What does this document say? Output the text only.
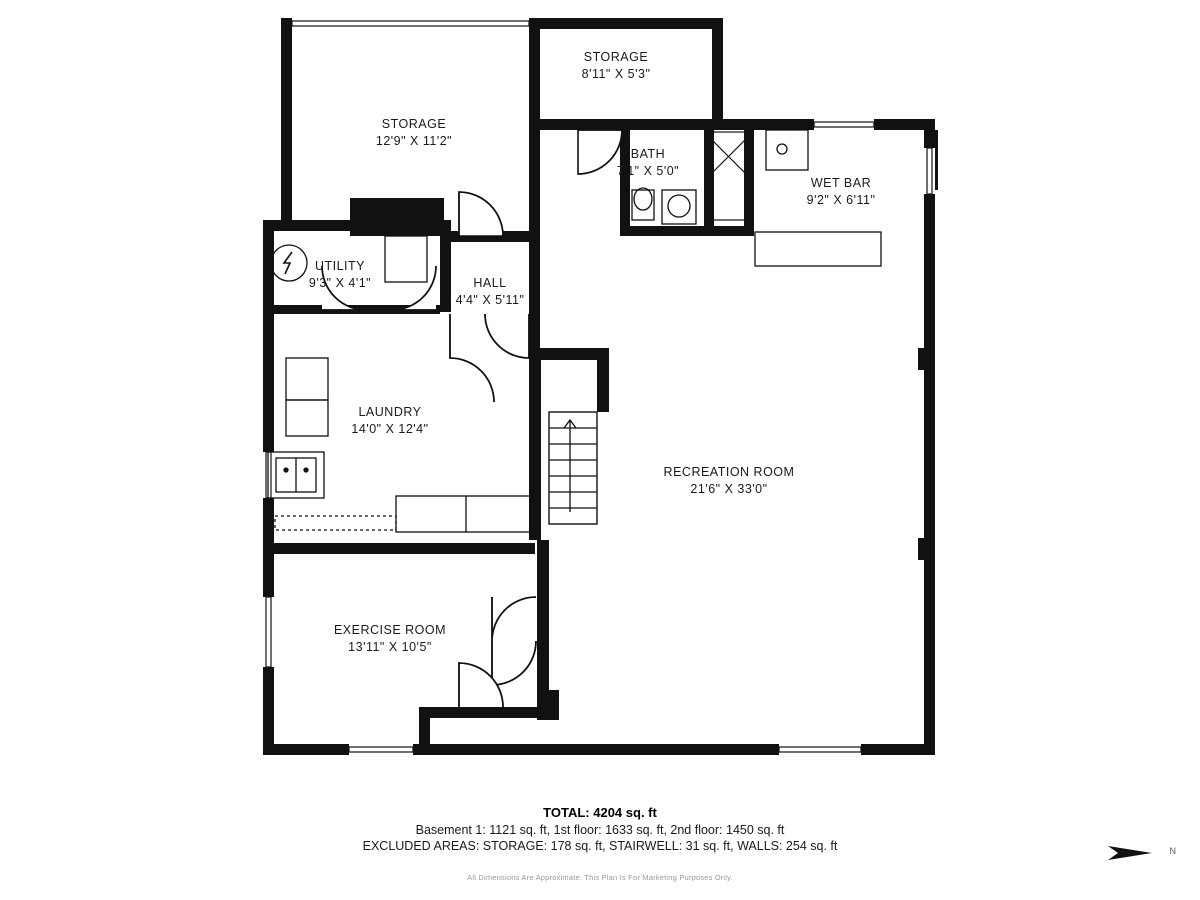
STORAGE
12'9" X 11'2"
STORAGE
8'11" X 5'3"
BATH
7'1" X 5'0"
WET BAR
9'2" X 6'11"
UTILITY
9'3" X 4'1"	HALL
4'4" X 5'11"
LAUNDRY
14'0" X 12'4"
RECREATION ROOM
21'6" X 33'0"
EXERCISE ROOM
13'11" X 10'5"
TOTAL: 4204 sq. ft
Basement 1: 1121 sq. ft, 1st floor: 1633 sq. ft, 2nd floor: 1450 sq. ft
EXCLUDED AREAS: STORAGE: 178 sq. ft, STAIRWELL: 31 sq. ft, WALLS: 254 sq. ft
All Dimensions Are Approximate. This Plan Is For Marketing Purposes Only.
N
